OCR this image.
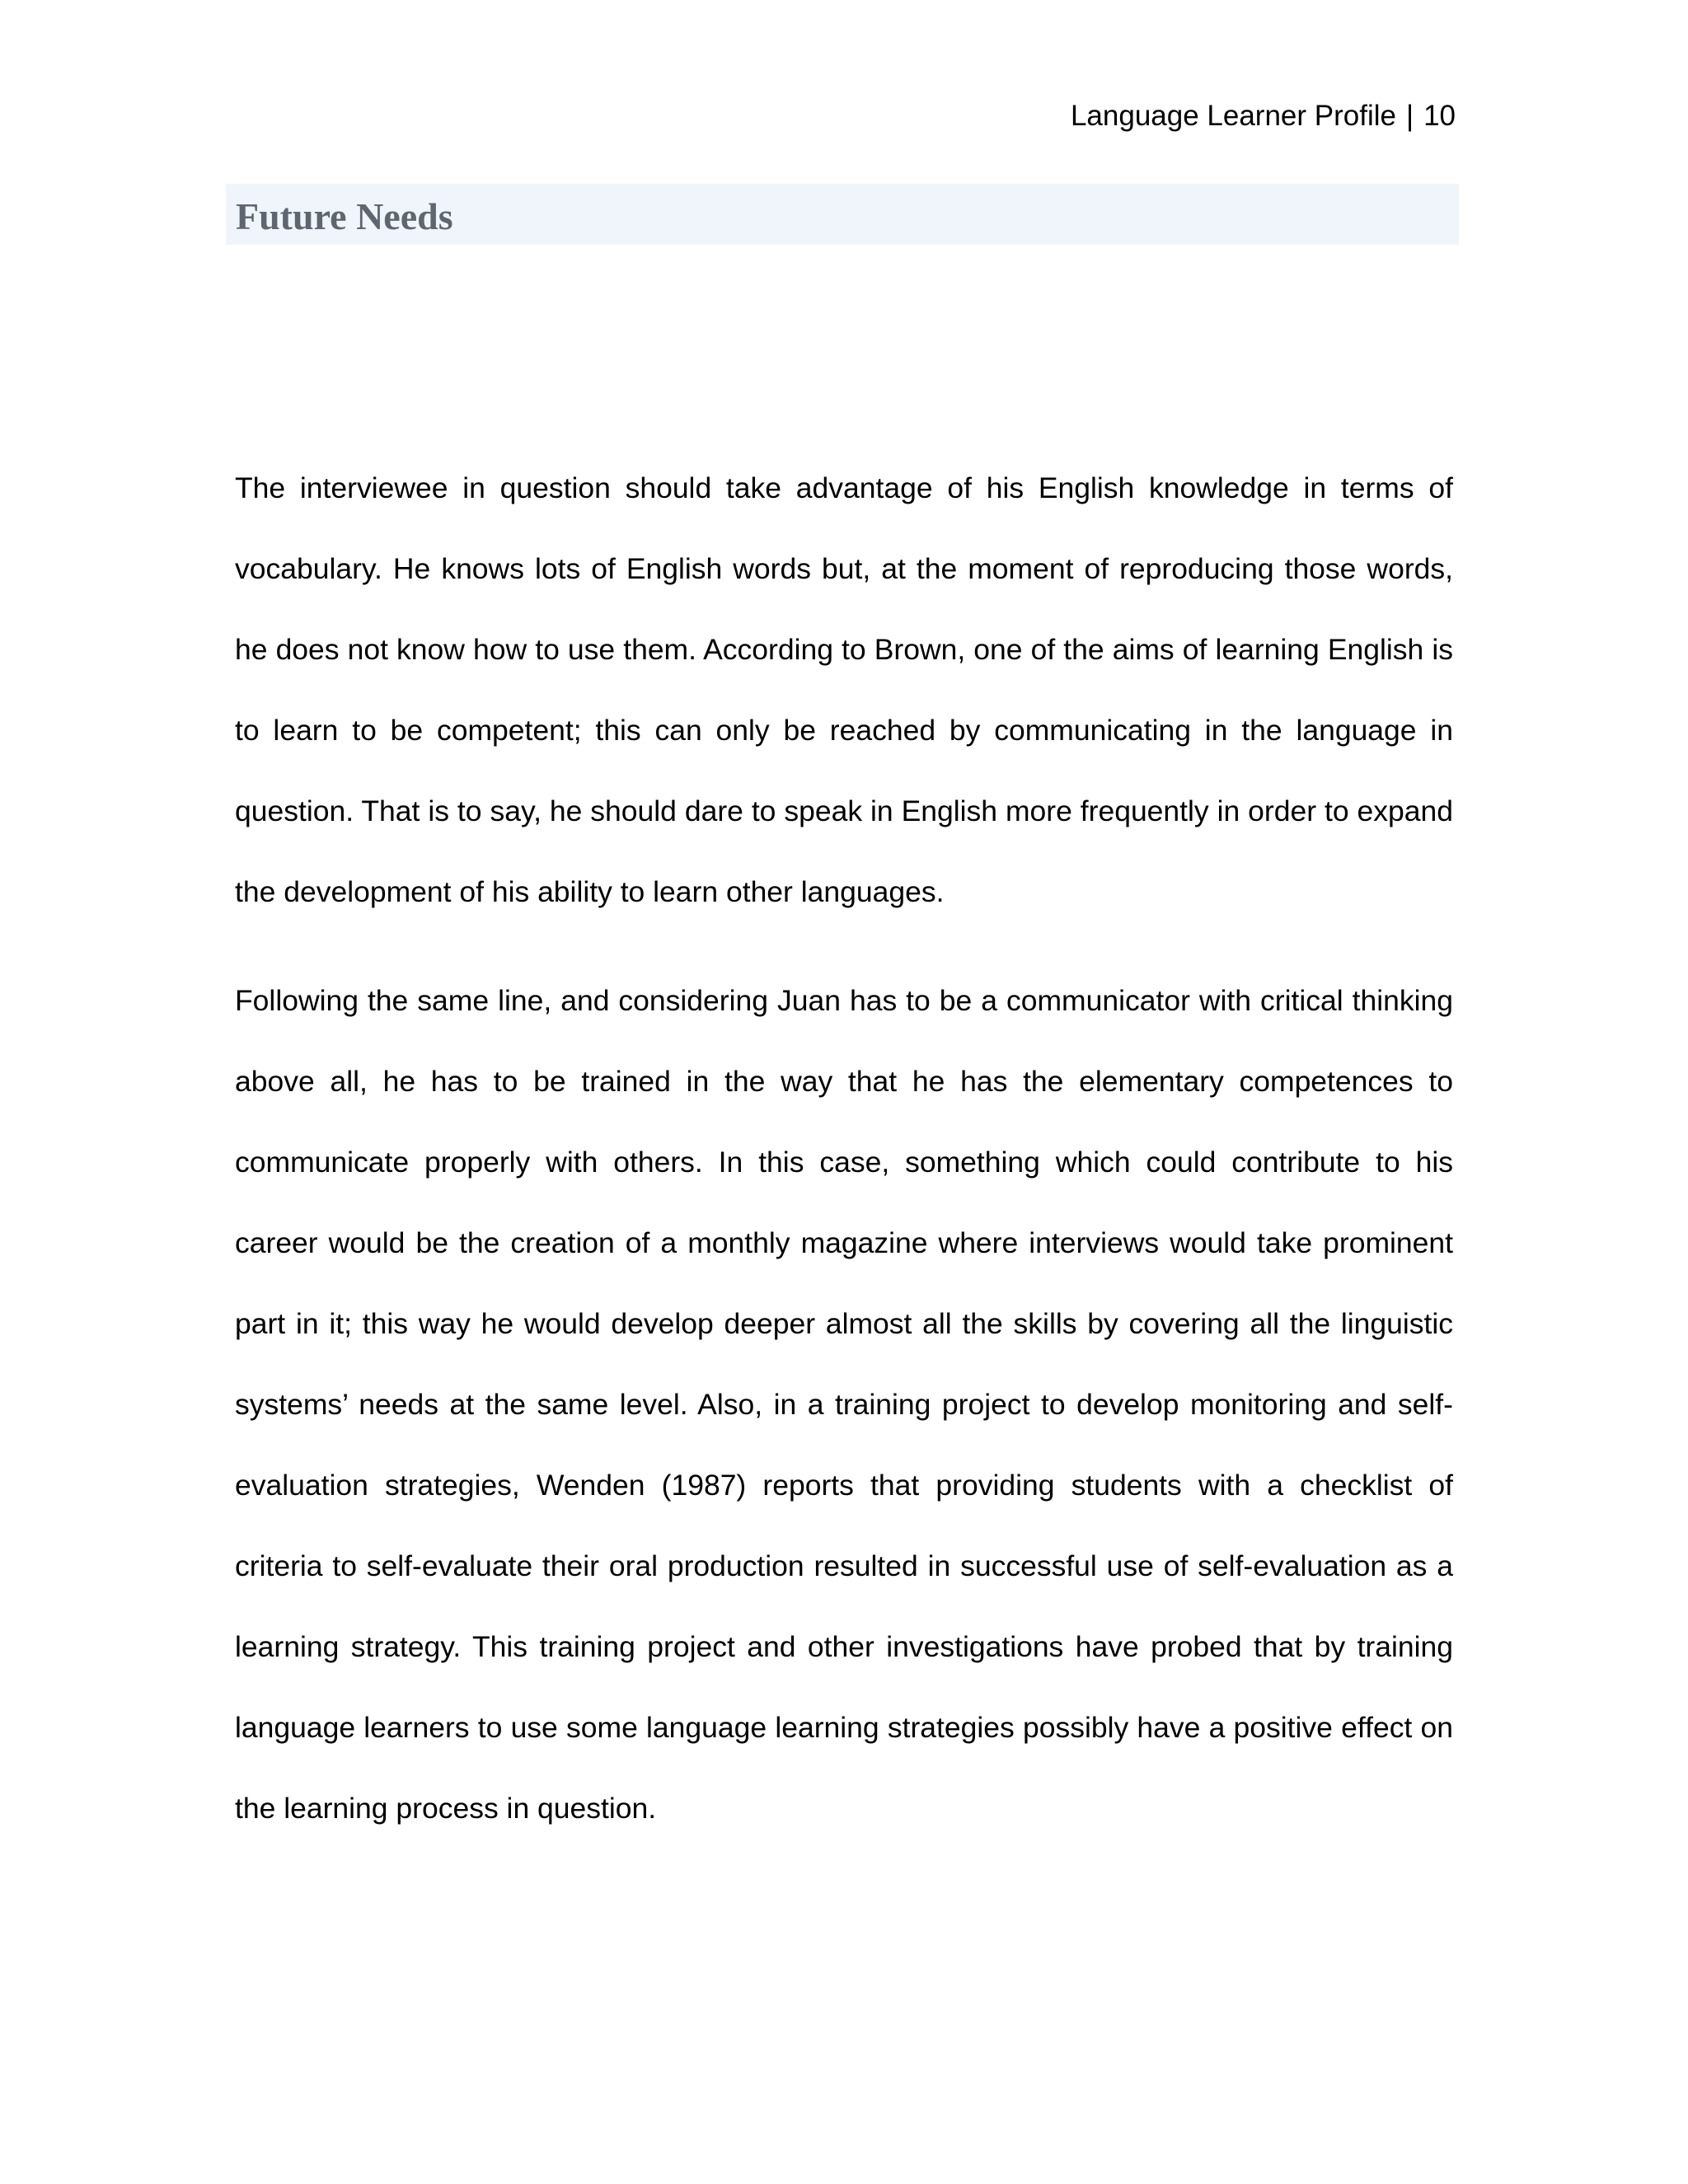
Language Learner Profile | 10
Future Needs

The interviewee in question should take advantage of his English knowledge in terms of vocabulary. He knows lots of English words but, at the moment of reproducing those words, he does not know how to use them. According to Brown, one of the aims of learning English is to learn to be competent; this can only be reached by communicating in the language in question. That is to say, he should dare to speak in English more frequently in order to expand the development of his ability to learn other languages.

Following the same line, and considering Juan has to be a communicator with critical thinking above all, he has to be trained in the way that he has the elementary competences to communicate properly with others. In this case, something which could contribute to his career would be the creation of a monthly magazine where interviews would take prominent part in it; this way he would develop deeper almost all the skills by covering all the linguistic systems’ needs at the same level. Also, in a training project to develop monitoring and self-evaluation strategies, Wenden (1987) reports that providing students with a checklist of criteria to self-evaluate their oral production resulted in successful use of self-evaluation as a learning strategy. This training project and other investigations have probed that by training language learners to use some language learning strategies possibly have a positive effect on the learning process in question.
